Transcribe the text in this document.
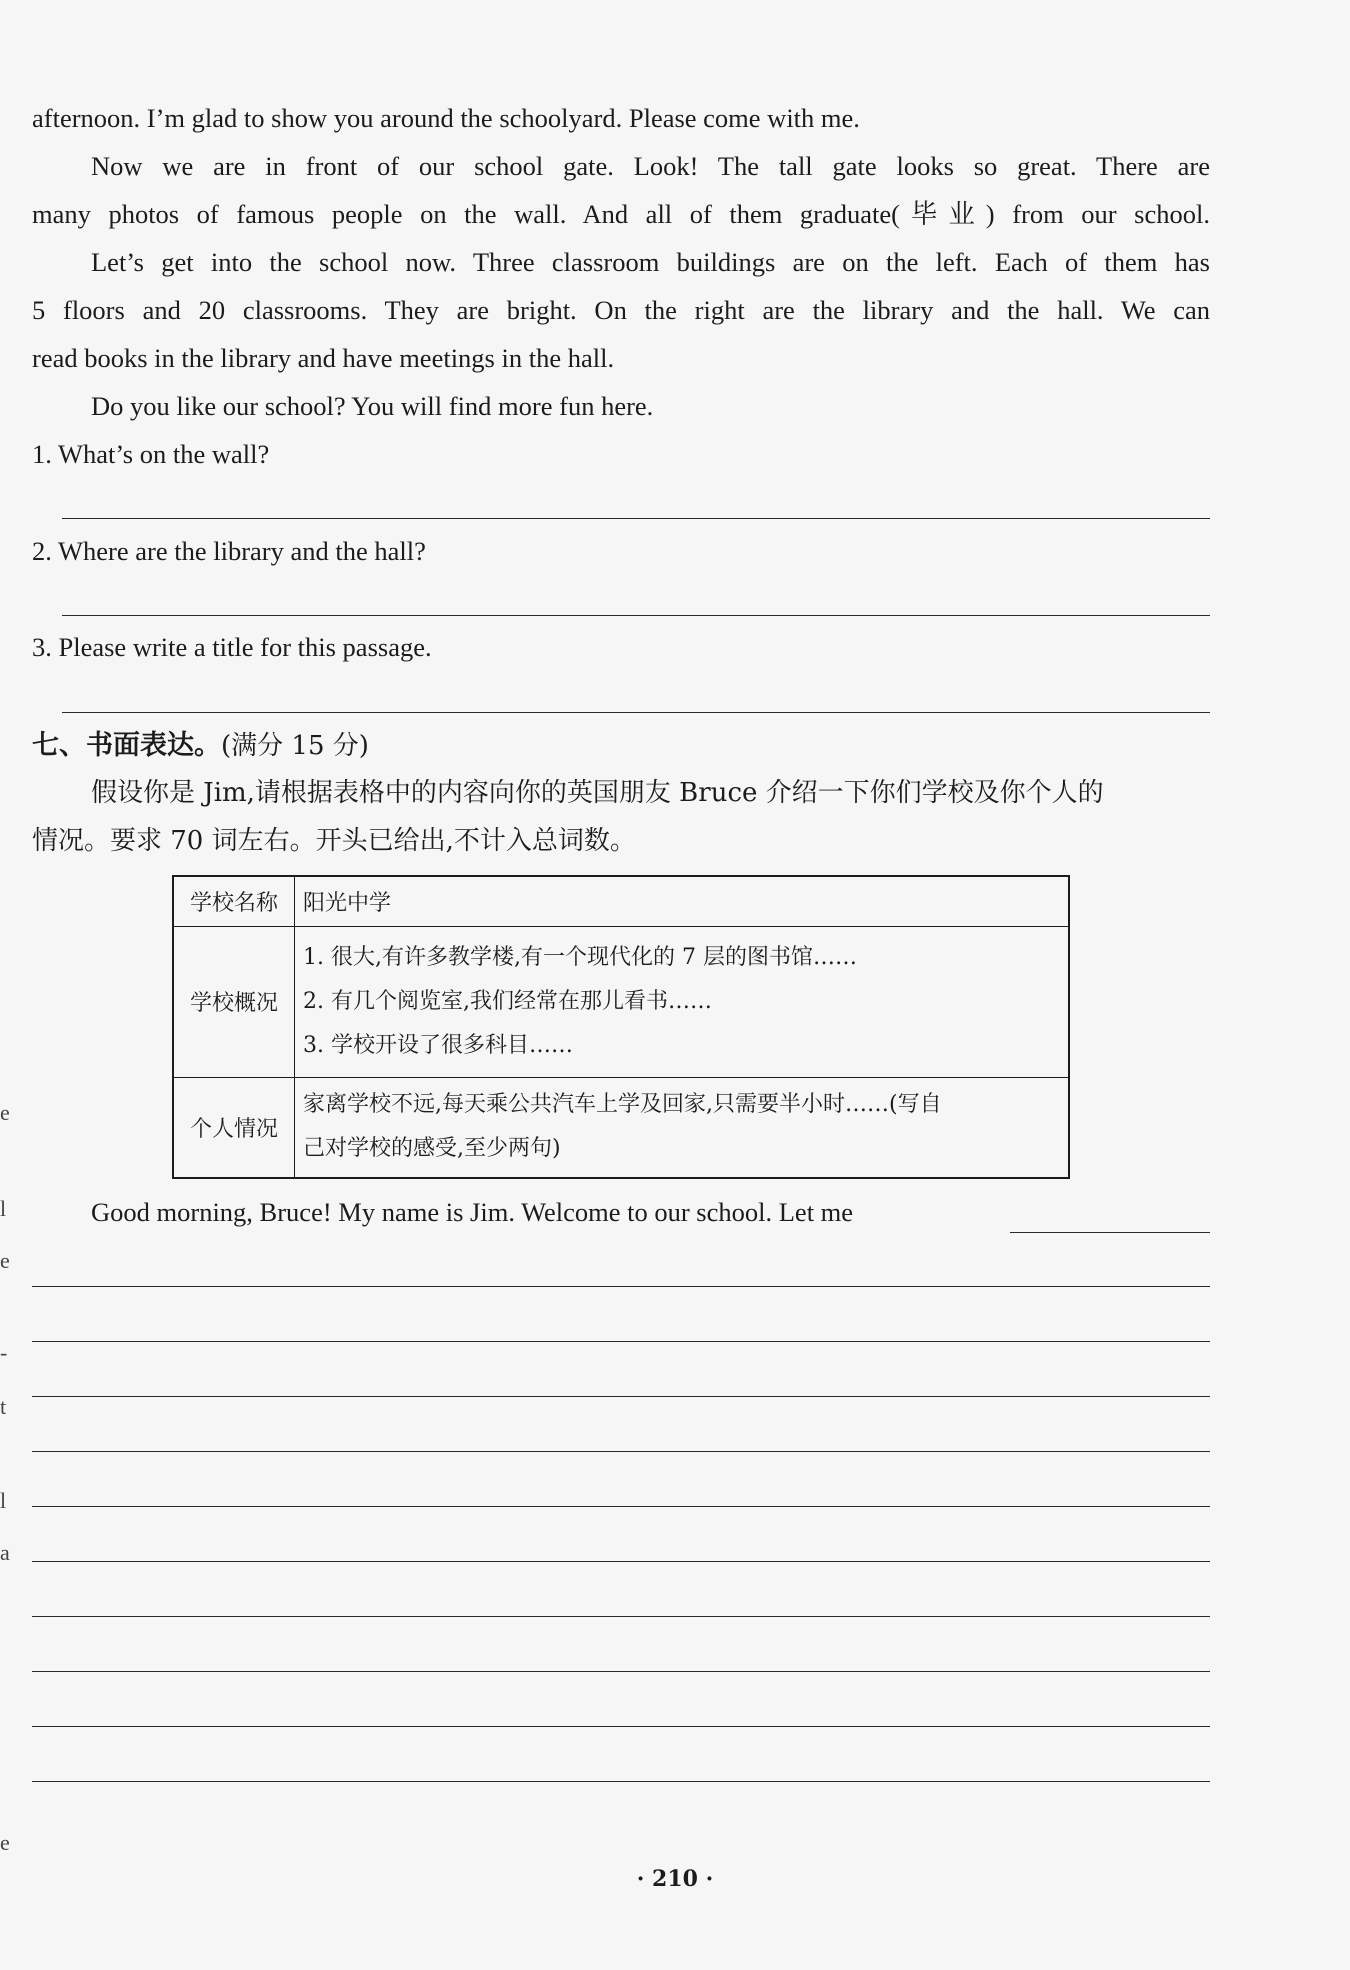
afternoon. I’m glad to show you around the schoolyard. Please come with me.
Now we are in front of our school gate. Look! The tall gate looks so great. There are
many photos of famous people on the wall. And all of them graduate(毕业) from our school.
Let’s get into the school now. Three classroom buildings are on the left. Each of them has
5 floors and 20 classrooms. They are bright. On the right are the library and the hall. We can
read books in the library and have meetings in the hall.
Do you like our school? You will find more fun here.
1. What’s on the wall?
2. Where are the library and the hall?
3. Please write a title for this passage.
七、书面表达。(满分 15 分)
假设你是 Jim,请根据表格中的内容向你的英国朋友 Bruce 介绍一下你们学校及你个人的
情况。要求 70 词左右。开头已给出,不计入总词数。
学校名称	阳光中学
学校概况	1. 很大,有许多教学楼,有一个现代化的 7 层的图书馆……
2. 有几个阅览室,我们经常在那儿看书……
3. 学校开设了很多科目……

个人情况	家离学校不远,每天乘公共汽车上学及回家,只需要半小时……(写自
己对学校的感受,至少两句)
Good morning, Bruce! My name is Jim. Welcome to our school. Let me
e
l
e
-
t
l
a
e
· 210 ·
